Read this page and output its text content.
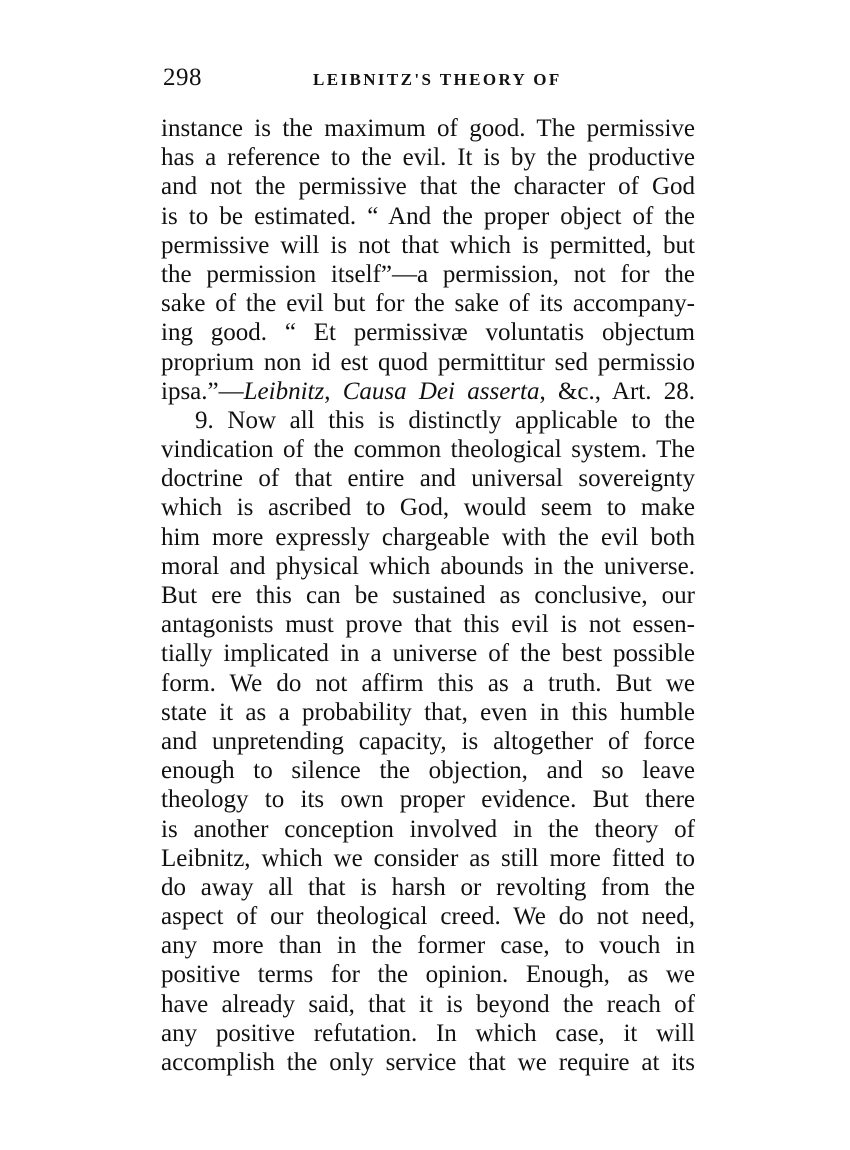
298	LEIBNITZ'S THEORY OF
instance is the maximum of good. The permissive
has a reference to the evil. It is by the productive
and not the permissive that the character of God
is to be estimated. “ And the proper object of the
permissive will is not that which is permitted, but
the permission itself”—a permission, not for the
sake of the evil but for the sake of its accompany-
ing good. “ Et permissivæ voluntatis objectum
proprium non id est quod permittitur sed permissio
ipsa.”—Leibnitz, Causa Dei asserta, &c., Art. 28.
9. Now all this is distinctly applicable to the
vindication of the common theological system. The
doctrine of that entire and universal sovereignty
which is ascribed to God, would seem to make
him more expressly chargeable with the evil both
moral and physical which abounds in the universe.
But ere this can be sustained as conclusive, our
antagonists must prove that this evil is not essen-
tially implicated in a universe of the best possible
form. We do not affirm this as a truth. But we
state it as a probability that, even in this humble
and unpretending capacity, is altogether of force
enough to silence the objection, and so leave
theology to its own proper evidence. But there
is another conception involved in the theory of
Leibnitz, which we consider as still more fitted to
do away all that is harsh or revolting from the
aspect of our theological creed. We do not need,
any more than in the former case, to vouch in
positive terms for the opinion. Enough, as we
have already said, that it is beyond the reach of
any positive refutation. In which case, it will
accomplish the only service that we require at its
